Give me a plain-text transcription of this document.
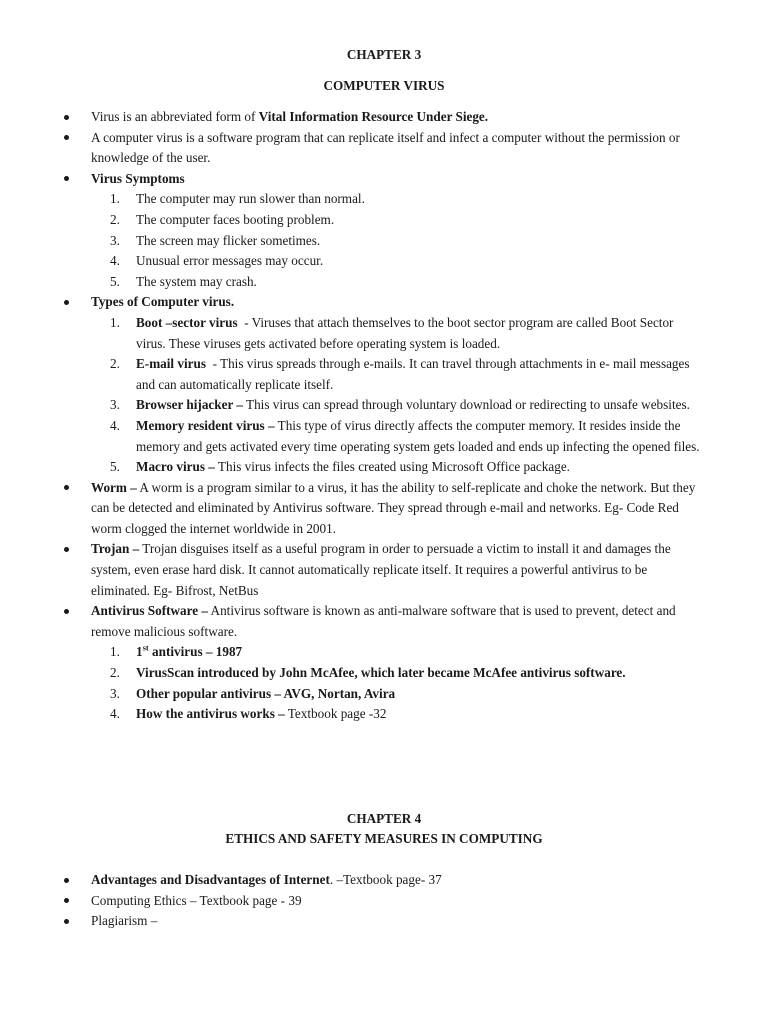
CHAPTER 3
COMPUTER VIRUS
Virus is an abbreviated form of Vital Information Resource Under Siege.
A computer virus is a software program that can replicate itself and infect a computer without the permission or knowledge of the user.
Virus Symptoms
1. The computer may run slower than normal.
2. The computer faces booting problem.
3. The screen may flicker sometimes.
4. Unusual error messages may occur.
5. The system may crash.
Types of Computer virus.
1. Boot –sector virus  - Viruses that attach themselves to the boot sector program are called Boot Sector virus. These viruses gets activated before operating system is loaded.
2. E-mail virus  - This virus spreads through e-mails. It can travel through attachments in e- mail messages and can automatically replicate itself.
3. Browser hijacker – This virus can spread through voluntary download or redirecting to unsafe websites.
4. Memory resident virus – This type of virus directly affects the computer memory. It resides inside the memory and gets activated every time operating system gets loaded and ends up infecting the opened files.
5. Macro virus – This virus infects the files created using Microsoft Office package.
Worm – A worm is a program similar to a virus, it has the ability to self-replicate and choke the network. But they can be detected and eliminated by Antivirus software. They spread through e-mail and networks. Eg- Code Red worm clogged the internet worldwide in 2001.
Trojan – Trojan disguises itself as a useful program in order to persuade a victim to install it and damages the system, even erase hard disk. It cannot automatically replicate itself. It requires a powerful antivirus to be eliminated. Eg- Bifrost, NetBus
Antivirus Software – Antivirus software is known as anti-malware software that is used to prevent, detect and remove malicious software.
1. 1st antivirus – 1987
2. VirusScan introduced by John McAfee, which later became McAfee antivirus software.
3. Other popular antivirus – AVG, Nortan, Avira
4. How the antivirus works – Textbook page -32
CHAPTER 4
ETHICS AND SAFETY MEASURES IN COMPUTING
Advantages and Disadvantages of Internet. –Textbook page- 37
Computing Ethics – Textbook page - 39
Plagiarism –
